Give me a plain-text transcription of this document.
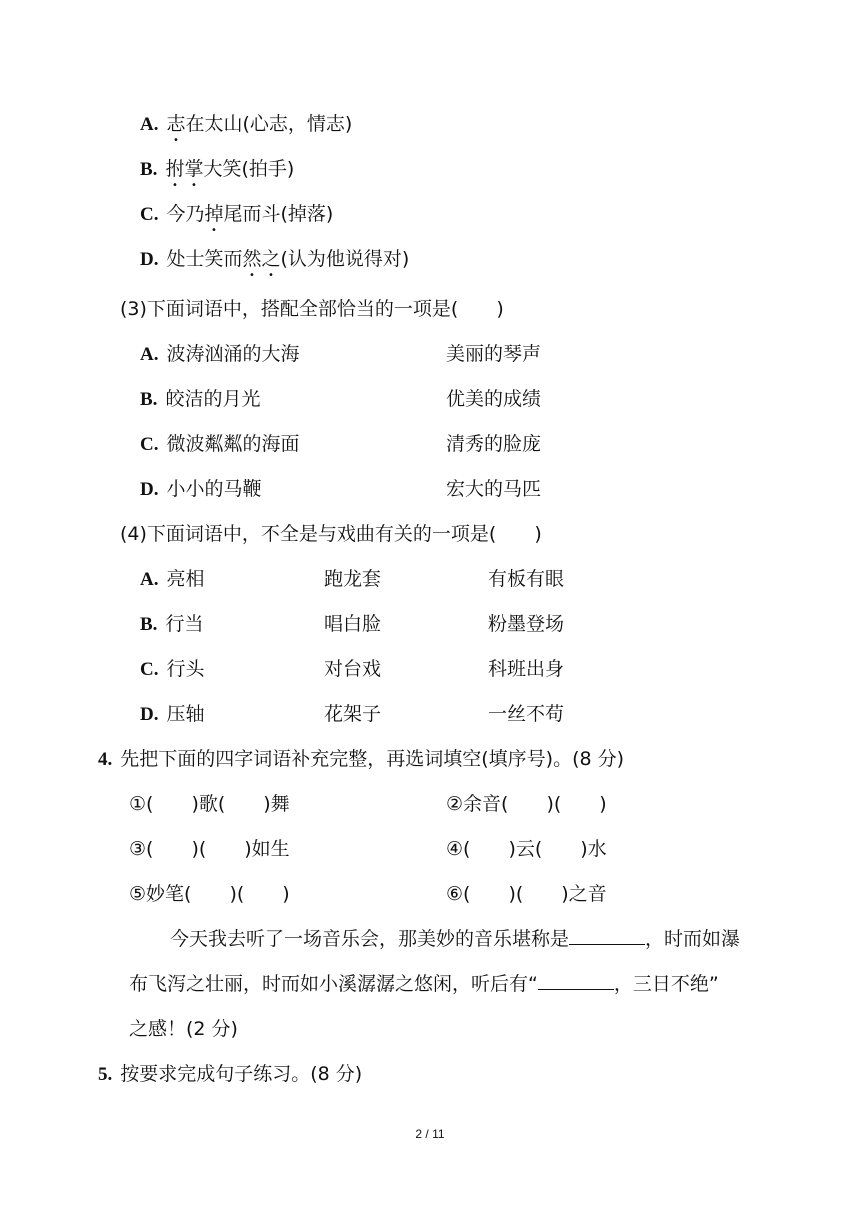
A. 志在太山(心志，情志)
B. 拊掌大笑(拍手)
C. 今乃掉尾而斗(掉落)
D. 处士笑而然之(认为他说得对)
(3)下面词语中，搭配全部恰当的一项是(　　)
A. 波涛汹涌的大海	美丽的琴声
B. 皎洁的月光	优美的成绩
C. 微波粼粼的海面	清秀的脸庞
D. 小小的马鞭	宏大的马匹
(4)下面词语中，不全是与戏曲有关的一项是(　　)
A. 亮相	跑龙套	有板有眼
B. 行当	唱白脸	粉墨登场
C. 行头	对台戏	科班出身
D. 压轴	花架子	一丝不苟
4. 先把下面的四字词语补充完整，再选词填空(填序号)。(8 分)
①(　　)歌(　　)舞	②余音(　　)(　　)
③(　　)(　　)如生	④(　　)云(　　)水
⑤妙笔(　　)(　　)	⑥(　　)(　　)之音
今天我去听了一场音乐会，那美妙的音乐堪称是	，时而如瀑
布飞泻之壮丽，时而如小溪潺潺之悠闲，听后有“	，三日不绝”
之感！(2 分)
5. 按要求完成句子练习。(8 分)
2 / 11
